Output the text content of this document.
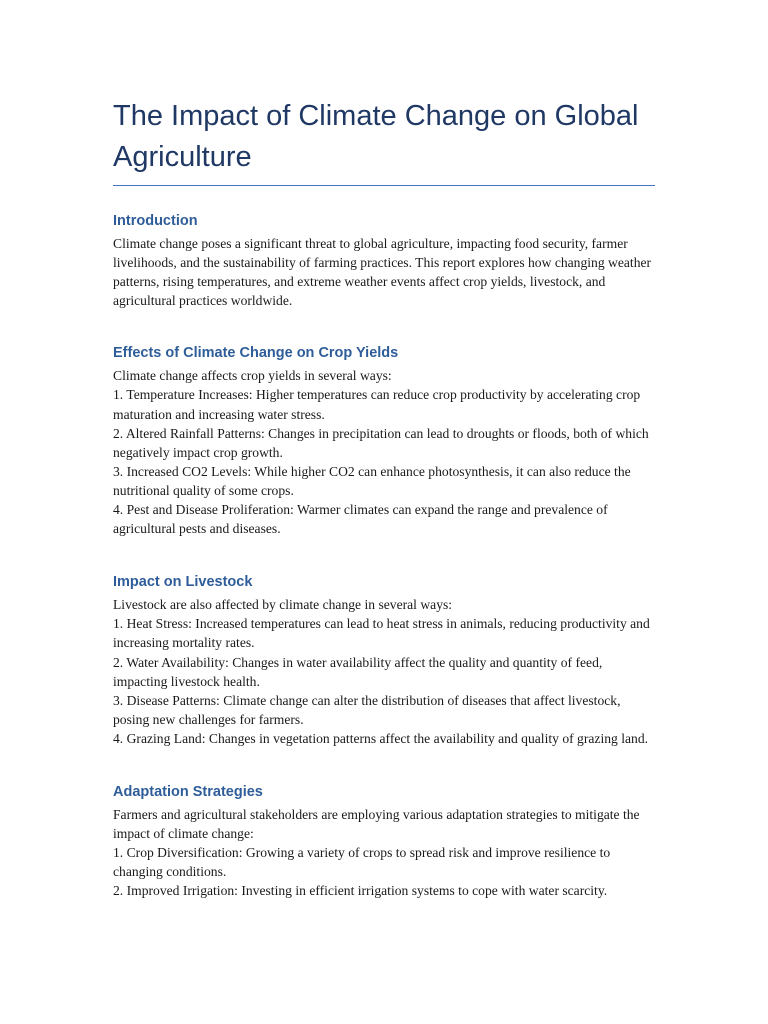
The Impact of Climate Change on Global Agriculture
Introduction

Climate change poses a significant threat to global agriculture, impacting food security, farmer livelihoods, and the sustainability of farming practices. This report explores how changing weather patterns, rising temperatures, and extreme weather events affect crop yields, livestock, and agricultural practices worldwide.

Effects of Climate Change on Crop Yields

Climate change affects crop yields in several ways:
1. Temperature Increases: Higher temperatures can reduce crop productivity by accelerating crop maturation and increasing water stress.
2. Altered Rainfall Patterns: Changes in precipitation can lead to droughts or floods, both of which negatively impact crop growth.
3. Increased CO2 Levels: While higher CO2 can enhance photosynthesis, it can also reduce the nutritional quality of some crops.
4. Pest and Disease Proliferation: Warmer climates can expand the range and prevalence of agricultural pests and diseases.

Impact on Livestock

Livestock are also affected by climate change in several ways:
1. Heat Stress: Increased temperatures can lead to heat stress in animals, reducing productivity and increasing mortality rates.
2. Water Availability: Changes in water availability affect the quality and quantity of feed, impacting livestock health.
3. Disease Patterns: Climate change can alter the distribution of diseases that affect livestock, posing new challenges for farmers.
4. Grazing Land: Changes in vegetation patterns affect the availability and quality of grazing land.

Adaptation Strategies

Farmers and agricultural stakeholders are employing various adaptation strategies to mitigate the impact of climate change:
1. Crop Diversification: Growing a variety of crops to spread risk and improve resilience to changing conditions.
2. Improved Irrigation: Investing in efficient irrigation systems to cope with water scarcity.
